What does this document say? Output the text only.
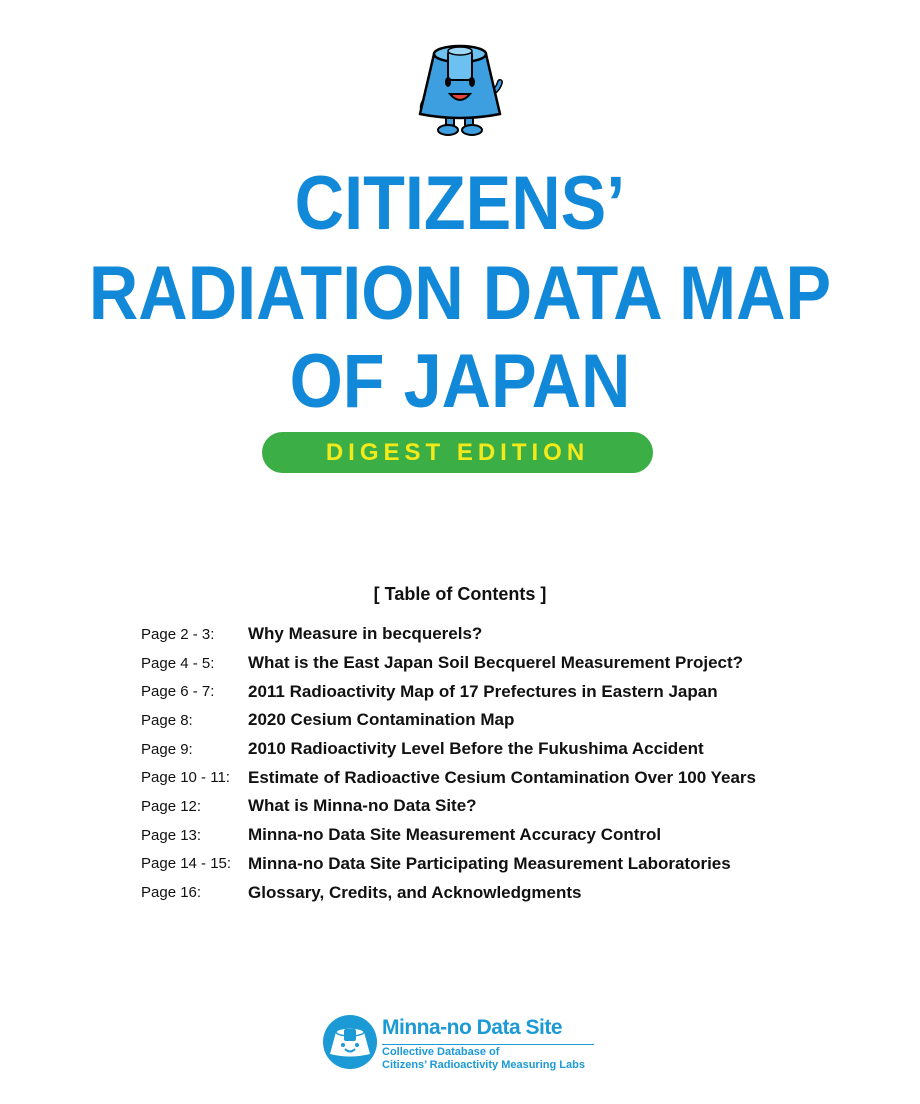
CITIZENS’
RADIATION DATA MAP
OF JAPAN
DIGEST EDITION
[ Table of Contents ]
Page 2 - 3:	Why Measure in becquerels?
Page 4 - 5:	What is the East Japan Soil Becquerel Measurement Project?
Page 6 - 7:	2011 Radioactivity Map of 17 Prefectures in Eastern Japan
Page 8:	2020 Cesium Contamination Map
Page 9:	2010 Radioactivity Level Before the Fukushima Accident
Page 10 - 11:	Estimate of Radioactive Cesium Contamination Over 100 Years
Page 12:	What is Minna-no Data Site?
Page 13:	Minna-no Data Site Measurement Accuracy Control
Page 14 - 15: Minna-no Data Site Participating Measurement Laboratories
Page 16:	Glossary, Credits, and Acknowledgments
Minna-no Data Site
Collective Database of
Citizens’ Radioactivity Measuring Labs
